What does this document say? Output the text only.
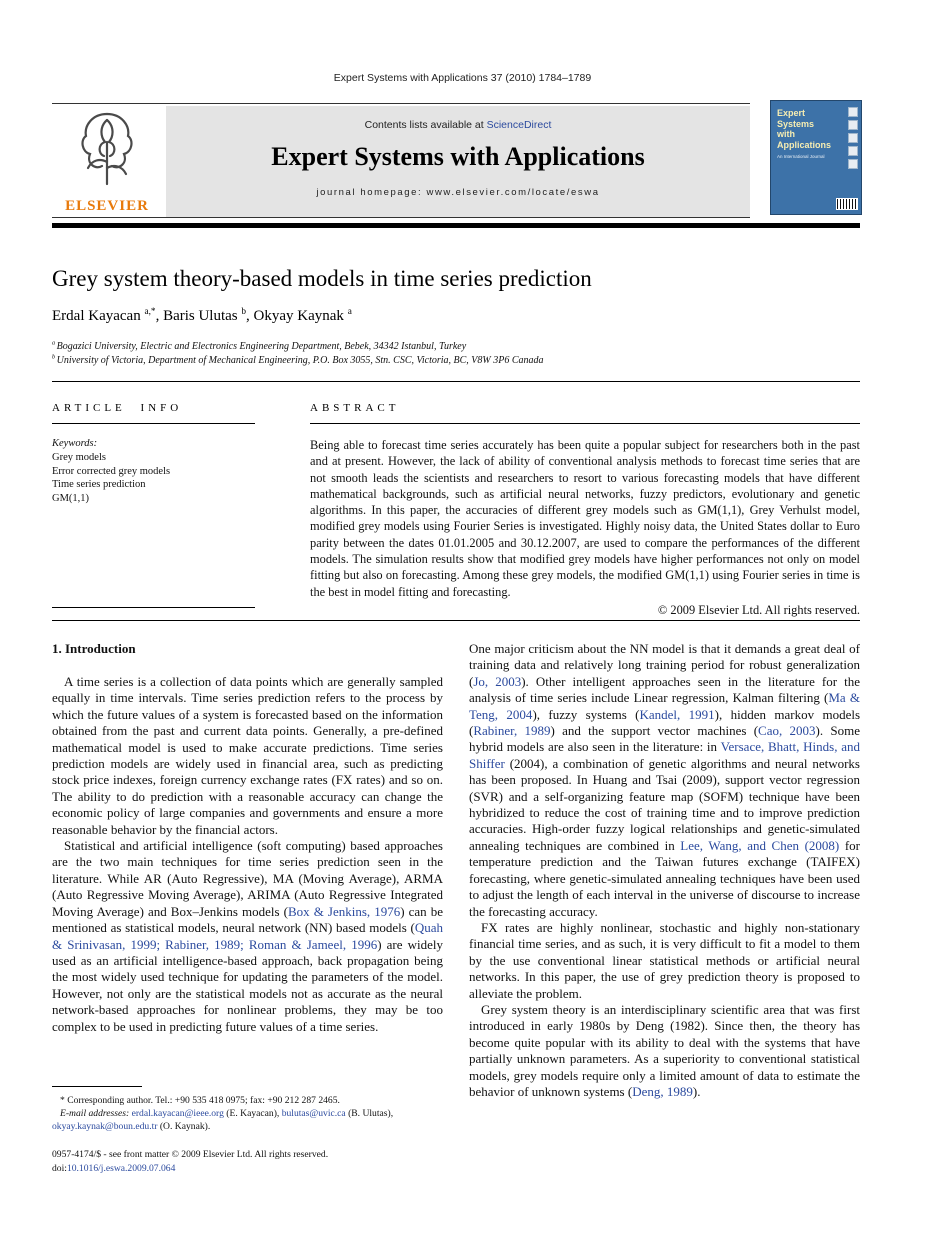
Expert Systems with Applications 37 (2010) 1784–1789
ELSEVIER
Contents lists available at ScienceDirect
Expert Systems with Applications
journal homepage: www.elsevier.com/locate/eswa
Expert
Systems
with
Applications
An International Journal
Grey system theory-based models in time series prediction
Erdal Kayacan $^{a,*}$, Baris Ulutas $^b$, Okyay Kaynak $^a$
$^a$ Bogazici University, Electric and Electronics Engineering Department, Bebek, 34342 Istanbul, Turkey
$^b$ University of Victoria, Department of Mechanical Engineering, P.O. Box 3055, Stn. CSC, Victoria, BC, V8W 3P6 Canada
ARTICLE INFO
Keywords:
Grey models
Error corrected grey models
Time series prediction
GM(1,1)
ABSTRACT

Being able to forecast time series accurately has been quite a popular subject for researchers both in the past and at present. However, the lack of ability of conventional analysis methods to forecast time series that are not smooth leads the scientists and researchers to resort to various forecasting models that have different mathematical backgrounds, such as artificial neural networks, fuzzy predictors, evolutionary and genetic algorithms. In this paper, the accuracies of different grey models such as GM(1,1), Grey Verhulst model, modified grey models using Fourier Series is investigated. Highly noisy data, the United States dollar to Euro parity between the dates 01.01.2005 and 30.12.2007, are used to compare the performances of the different models. The simulation results show that modified grey models have higher performances not only on model fitting but also on forecasting. Among these grey models, the modified GM(1,1) using Fourier series in time is the best in model fitting and forecasting.

© 2009 Elsevier Ltd. All rights reserved.
1. Introduction

A time series is a collection of data points which are generally sampled equally in time intervals. Time series prediction refers to the process by which the future values of a system is forecasted based on the information obtained from the past and current data points. Generally, a pre-defined mathematical model is used to make accurate predictions. Time series prediction models are widely used in financial area, such as predicting stock price indexes, foreign currency exchange rates (FX rates) and so on. The ability to do prediction with a reasonable accuracy can change the economic policy of large companies and governments and ensure a more reasonable behavior by the financial actors.

Statistical and artificial intelligence (soft computing) based approaches are the two main techniques for time series prediction seen in the literature. While AR (Auto Regressive), MA (Moving Average), ARMA (Auto Regressive Moving Average), ARIMA (Auto Regressive Integrated Moving Average) and Box–Jenkins models (Box & Jenkins, 1976) can be mentioned as statistical models, neural network (NN) based models (Quah & Srinivasan, 1999; Rabiner, 1989; Roman & Jameel, 1996) are widely used as an artificial intelligence-based approach, back propagation being the most widely used technique for updating the parameters of the model. However, not only are the statistical models not as accurate as the neural network-based approaches for nonlinear problems, they may be too complex to be used in predicting future values of a time series.

One major criticism about the NN model is that it demands a great deal of training data and relatively long training period for robust generalization (Jo, 2003). Other intelligent approaches seen in the literature for the analysis of time series include Linear regression, Kalman filtering (Ma & Teng, 2004), fuzzy systems (Kandel, 1991), hidden markov models (Rabiner, 1989) and the support vector machines (Cao, 2003). Some hybrid models are also seen in the literature: in Versace, Bhatt, Hinds, and Shiffer (2004), a combination of genetic algorithms and neural networks has been proposed. In Huang and Tsai (2009), support vector regression (SVR) and a self-organizing feature map (SOFM) technique have been hybridized to reduce the cost of training time and to improve prediction accuracies. High-order fuzzy logical relationships and genetic-simulated annealing techniques are combined in Lee, Wang, and Chen (2008) for temperature prediction and the Taiwan futures exchange (TAIFEX) forecasting, where genetic-simulated annealing techniques have been used to adjust the length of each interval in the universe of discourse to increase the forecasting accuracy.

FX rates are highly nonlinear, stochastic and highly non-stationary financial time series, and as such, it is very difficult to fit a model to them by the use conventional linear statistical methods or artificial neural networks. In this paper, the use of grey prediction theory is proposed to alleviate the problem.

Grey system theory is an interdisciplinary scientific area that was first introduced in early 1980s by Deng (1982). Since then, the theory has become quite popular with its ability to deal with the systems that have partially unknown parameters. As a superiority to conventional statistical models, grey models require only a limited amount of data to estimate the behavior of unknown systems (Deng, 1989).

* Corresponding author. Tel.: +90 535 418 0975; fax: +90 212 287 2465.

E-mail addresses: erdal.kayacan@ieee.org (E. Kayacan), bulutas@uvic.ca (B. Ulutas), okyay.kaynak@boun.edu.tr (O. Kaynak).

0957-4174/$ - see front matter © 2009 Elsevier Ltd. All rights reserved.
doi:10.1016/j.eswa.2009.07.064
